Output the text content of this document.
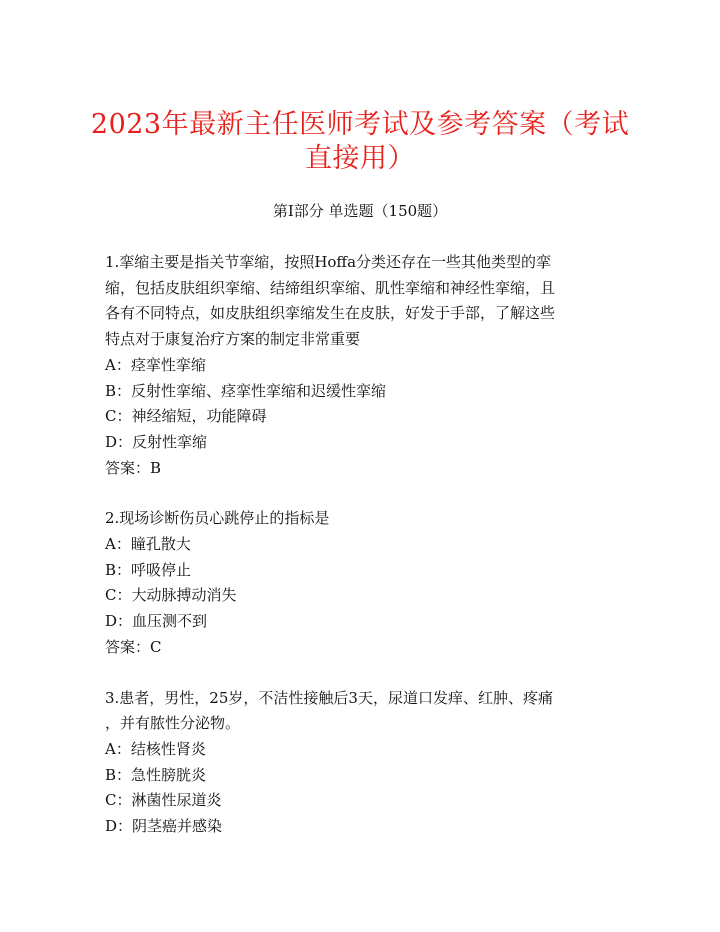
2023年最新主任医师考试及参考答案（考试
直接用）
第Ⅰ部分 单选题（150题）
1.挛缩主要是指关节挛缩，按照Hoffa分类还存在一些其他类型的挛
缩，包括皮肤组织挛缩、结缔组织挛缩、肌性挛缩和神经性挛缩，且
各有不同特点，如皮肤组织挛缩发生在皮肤，好发于手部，了解这些
特点对于康复治疗方案的制定非常重要
A：痉挛性挛缩
B：反射性挛缩、痉挛性挛缩和迟缓性挛缩
C：神经缩短，功能障碍
D：反射性挛缩
答案：B
2.现场诊断伤员心跳停止的指标是
A：瞳孔散大
B：呼吸停止
C：大动脉搏动消失
D：血压测不到
答案：C
3.患者，男性，25岁，不洁性接触后3天，尿道口发痒、红肿、疼痛
，并有脓性分泌物。
A：结核性肾炎
B：急性膀胱炎
C：淋菌性尿道炎
D：阴茎癌并感染
